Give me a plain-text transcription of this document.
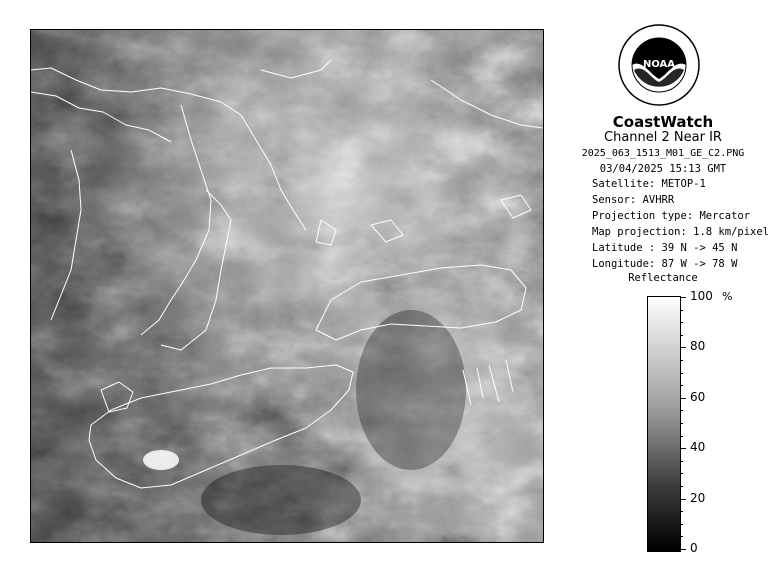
NOAA
CoastWatch
Channel 2 Near IR
2025_063_1513_M01_GE_C2.PNG
03/04/2025 15:13 GMT
Satellite: METOP-1
Sensor: AVHRR
Projection type: Mercator
Map projection: 1.8 km/pixel
Latitude : 39 N -> 45 N
Longitude: 87 W -> 78 W
Reflectance
%
100
80
60
40
20
0
